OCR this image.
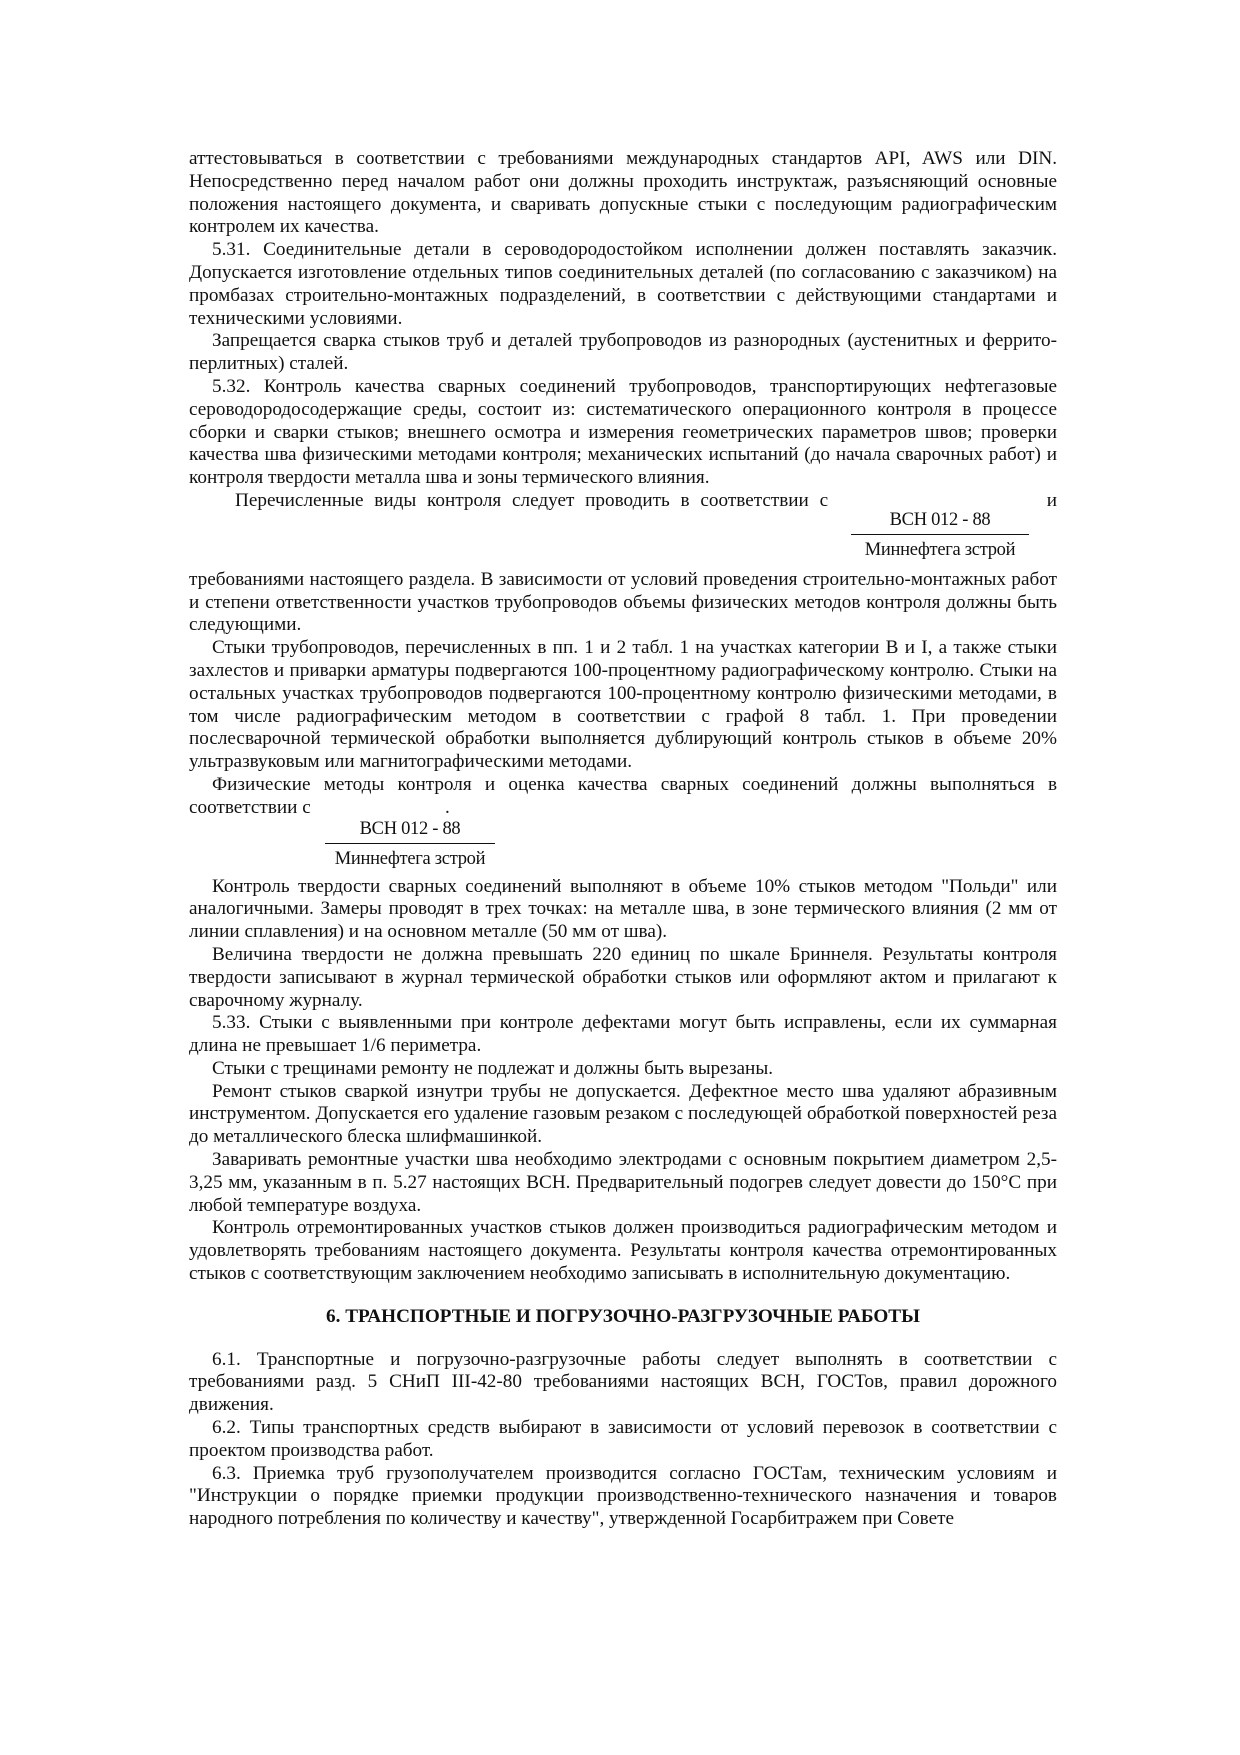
аттестовываться в соответствии с требованиями международных стандартов API, AWS или DIN. Непосредственно перед началом работ они должны проходить инструктаж, разъясняющий основные положения настоящего документа, и сваривать допускные стыки с последующим радиографическим контролем их качества.

5.31. Соединительные детали в сероводородостойком исполнении должен поставлять заказчик. Допускается изготовление отдельных типов соединительных деталей (по согласованию с заказчиком) на промбазах строительно-монтажных подразделений, в соответствии с действующими стандартами и техническими условиями.

Запрещается сварка стыков труб и деталей трубопроводов из разнородных (аустенитных и феррито-перлитных) сталей.

5.32. Контроль качества сварных соединений трубопроводов, транспортирующих нефтегазовые сероводородосодержащие среды, состоит из: систематического операционного контроля в процессе сборки и сварки стыков; внешнего осмотра и измерения геометрических параметров швов; проверки качества шва физическими методами контроля; механических испытаний (до начала сварочных работ) и контроля твердости металла шва и зоны термического влияния.

Перечисленные виды контроля следует проводить в соответствии с	и
ВСН 012 - 88
Миннефтега зстрой

требованиями настоящего раздела. В зависимости от условий проведения строительно-монтажных работ и степени ответственности участков трубопроводов объемы физических методов контроля должны быть следующими.

Стыки трубопроводов, перечисленных в пп. 1 и 2 табл. 1 на участках категории В и I, а также стыки захлестов и приварки арматуры подвергаются 100-процентному радиографическому контролю. Стыки на остальных участках трубопроводов подвергаются 100-процентному контролю физическими методами, в том числе радиографическим методом в соответствии с графой 8 табл. 1. При проведении послесварочной термической обработки выполняется дублирующий контроль стыков в объеме 20% ультразвуковым или магнитографическими методами.

Физические методы контроля и оценка качества сварных соединений должны выполняться в соответствии с                            .

ВСН 012 - 88
Миннефтега зстрой

Контроль твердости сварных соединений выполняют в объеме 10% стыков методом "Польди" или аналогичными. Замеры проводят в трех точках: на металле шва, в зоне термического влияния (2 мм от линии сплавления) и на основном металле (50 мм от шва).

Величина твердости не должна превышать 220 единиц по шкале Бриннеля. Результаты контроля твердости записывают в журнал термической обработки стыков или оформляют актом и прилагают к сварочному журналу.

5.33. Стыки с выявленными при контроле дефектами могут быть исправлены, если их суммарная длина не превышает 1/6 периметра.

Стыки с трещинами ремонту не подлежат и должны быть вырезаны.

Ремонт стыков сваркой изнутри трубы не допускается. Дефектное место шва удаляют абразивным инструментом. Допускается его удаление газовым резаком с последующей обработкой поверхностей реза до металлического блеска шлифмашинкой.

Заваривать ремонтные участки шва необходимо электродами с основным покрытием диаметром 2,5-3,25 мм, указанным в п. 5.27 настоящих ВСН. Предварительный подогрев следует довести до 150°С при любой температуре воздуха.

Контроль отремонтированных участков стыков должен производиться радиографическим методом и удовлетворять требованиям настоящего документа. Результаты контроля качества отремонтированных стыков с соответствующим заключением необходимо записывать в исполнительную документацию.

6. ТРАНСПОРТНЫЕ И ПОГРУЗОЧНО-РАЗГРУЗОЧНЫЕ РАБОТЫ

6.1. Транспортные и погрузочно-разгрузочные работы следует выполнять в соответствии с требованиями разд. 5 СНиП III-42-80 требованиями настоящих ВСН, ГОСТов, правил дорожного движения.

6.2. Типы транспортных средств выбирают в зависимости от условий перевозок в соответствии с проектом производства работ.

6.3. Приемка труб грузополучателем производится согласно ГОСТам, техническим условиям и "Инструкции о порядке приемки продукции производственно-технического назначения и товаров народного потребления по количеству и качеству", утвержденной Госарбитражем при Совете
